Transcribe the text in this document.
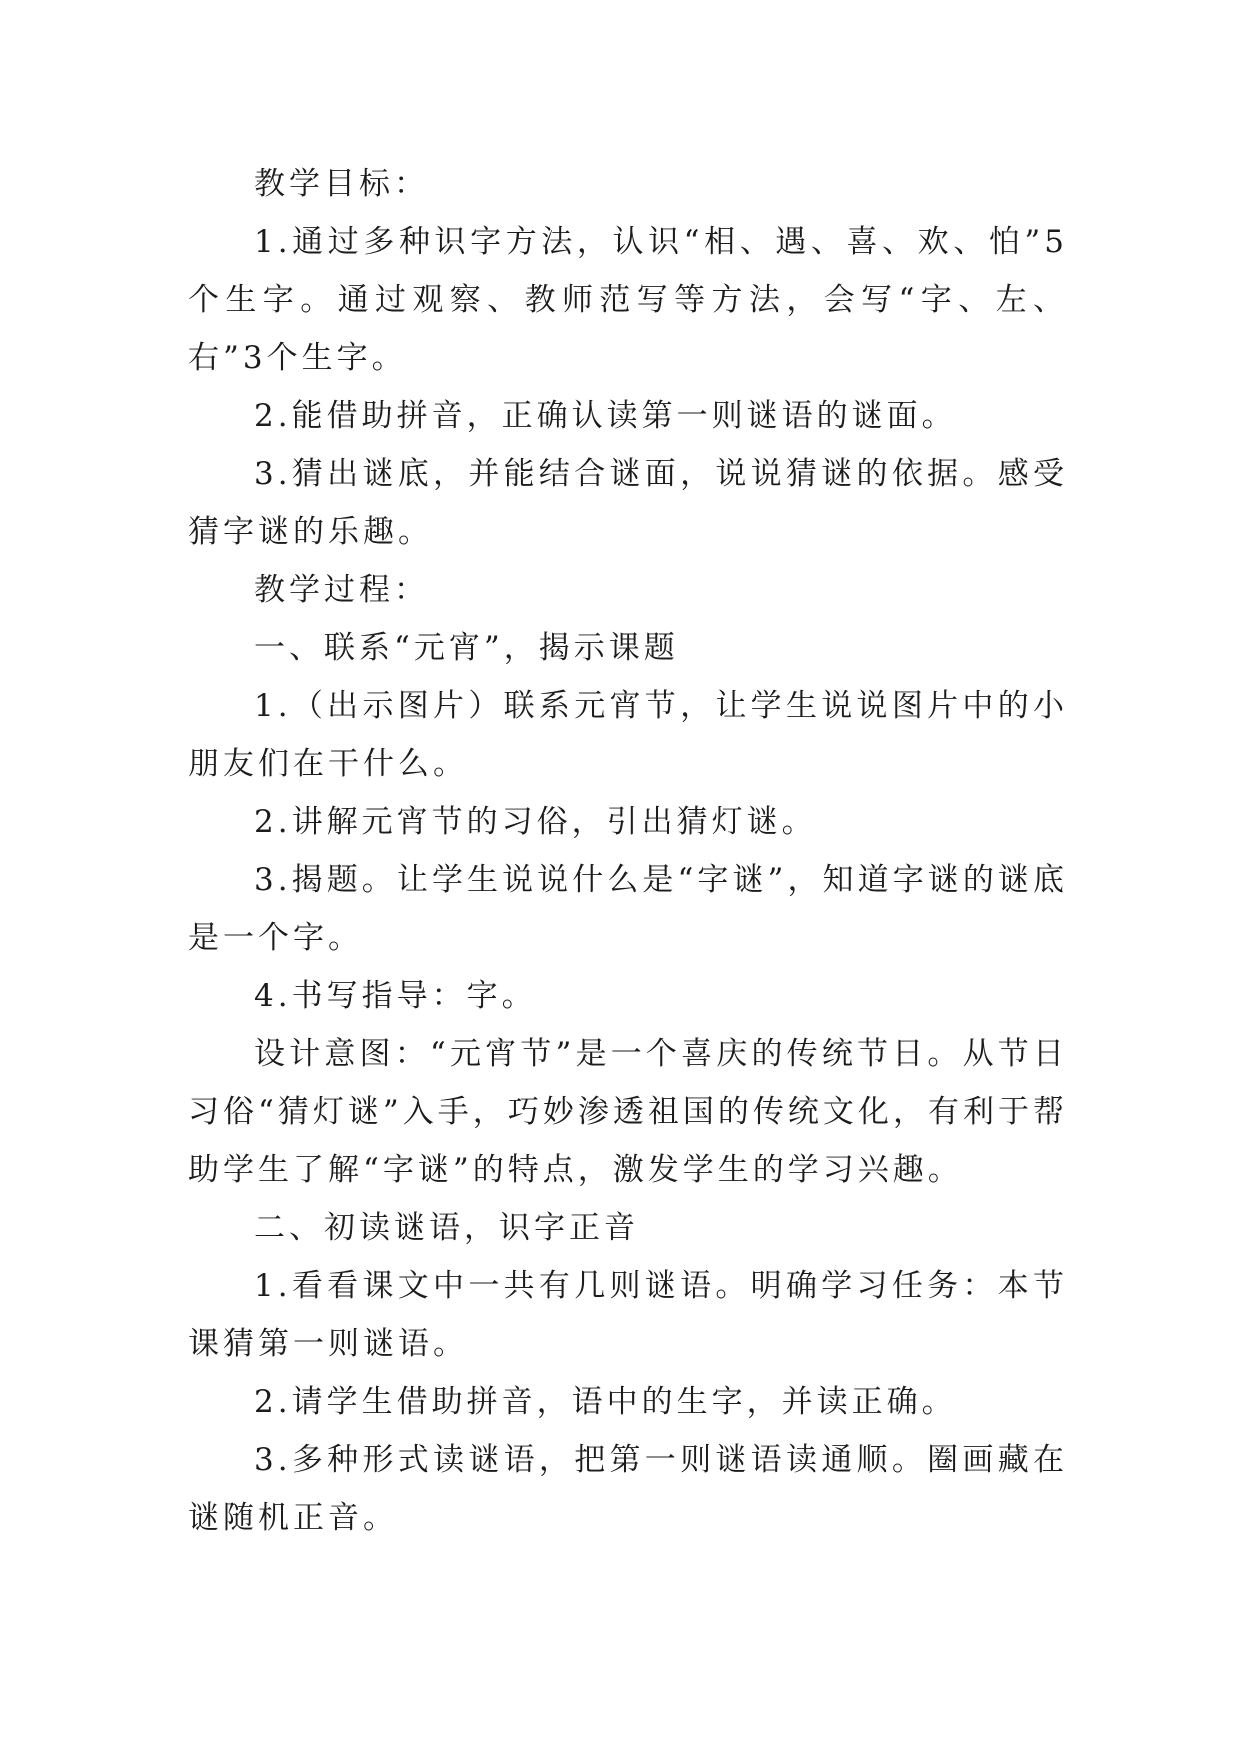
教学目标：

1.通过多种识字方法，认识“相、遇、喜、欢、怕”5个生字。通过观察、教师范写等方法，会写“字、左、右”3个生字。

2.能借助拼音，正确认读第一则谜语的谜面。

3.猜出谜底，并能结合谜面，说说猜谜的依据。感受猜字谜的乐趣。

教学过程：

一、联系“元宵”，揭示课题

1.（出示图片）联系元宵节，让学生说说图片中的小朋友们在干什么。

2.讲解元宵节的习俗，引出猜灯谜。

3.揭题。让学生说说什么是“字谜”，知道字谜的谜底是一个字。

4.书写指导：字。

设计意图：“元宵节”是一个喜庆的传统节日。从节日习俗“猜灯谜”入手，巧妙渗透祖国的传统文化，有利于帮助学生了解“字谜”的特点，激发学生的学习兴趣。

二、初读谜语，识字正音

1.看看课文中一共有几则谜语。明确学习任务：本节课猜第一则谜语。

2.请学生借助拼音，语中的生字，并读正确。

3.多种形式读谜语，把第一则谜语读通顺。圈画藏在谜随机正音。
